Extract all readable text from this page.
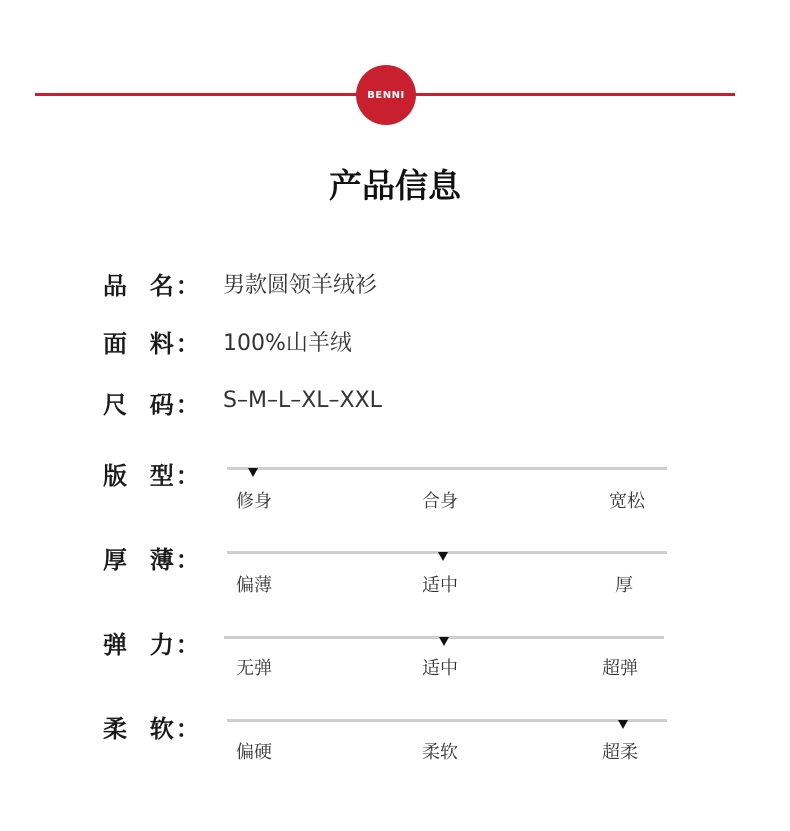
BENNI
产品信息
品  名： 男款圆领羊绒衫
面  料： 100%山羊绒
尺  码： S–M–L–XL–XXL
版  型：
修身	合身	宽松
厚  薄：
偏薄	适中	厚
弹  力：
无弹	适中	超弹
柔  软：
偏硬	柔软	超柔
